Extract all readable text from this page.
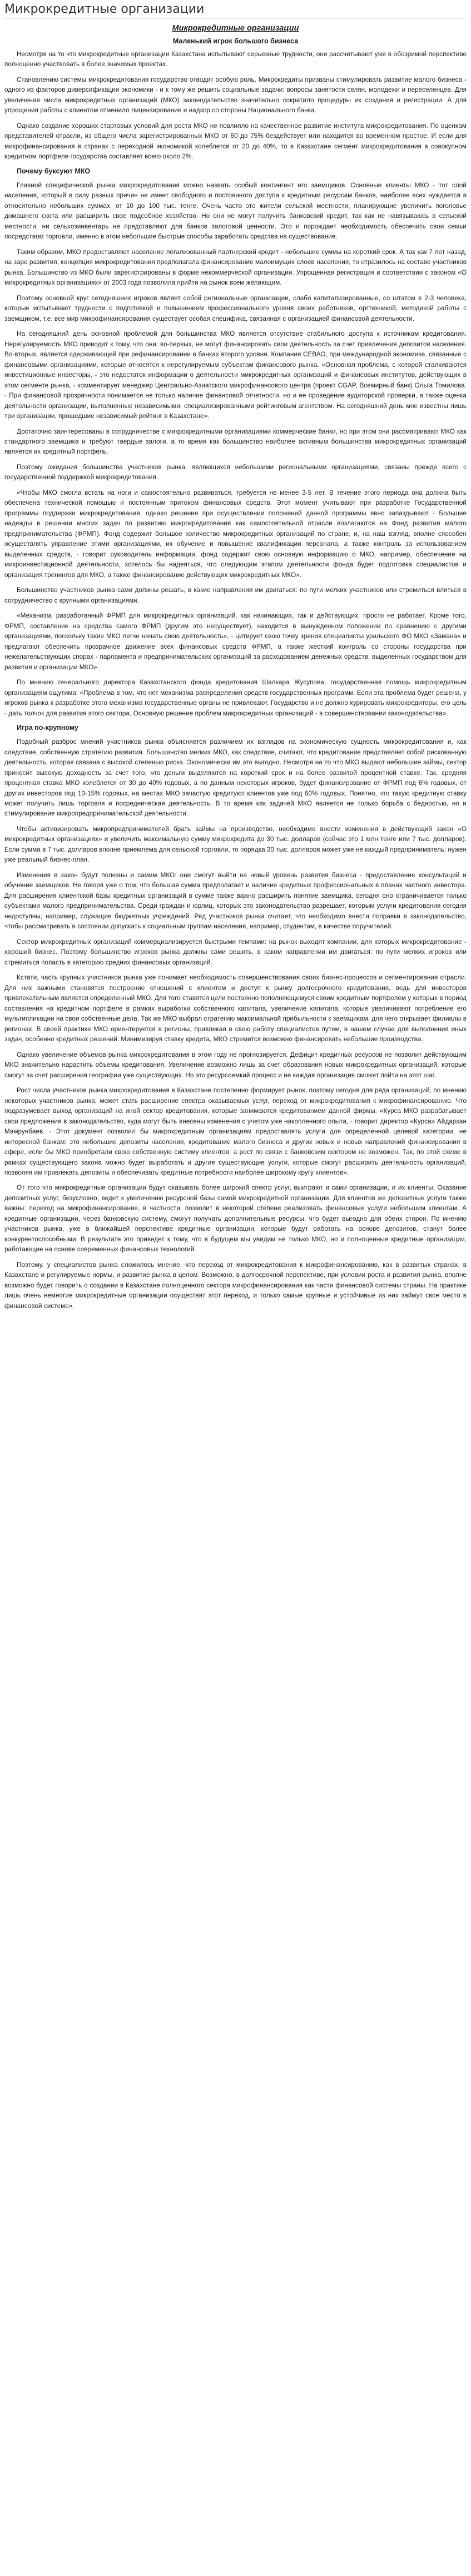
Микрокредитные организации
Микрокредитные организации
Маленький игрок большого бизнеса

Несмотря на то что микрокредитные организации Казахстана испытывают серьезные трудности, они рассчитывают уже в обозримой перспективе полноценно участвовать в более значимых проектах.

Становлению системы микрокредитования государство отводит особую роль. Микрокредиты призваны стимулировать развитие малого бизнеса - одного из факторов диверсификации экономики - и к тому же решить социальные задачи: вопросы занятости селян, молодежи и переселенцев. Для увеличения числа микрокредитных организаций (МКО) законодательство значительно сократило процедуры их создания и регистрации. А для упрощения работы с клиентом отменило лицензирование и надзор со стороны Национального банка.

Однако создание хороших стартовых условий для роста МКО не повлияло на качественное развитие института микрокредитования. По оценкам представителей отрасли, из общего числа зарегистрированных МКО от 60 до 75% бездействует или находится во временном простое. И если для микрофинансирования в странах с переходной экономикой колеблется от 20 до 40%, то в Казахстане сегмент микрокредитования в совокупном кредитном портфеле государства составляет всего около 2%.

Почему буксуют МКО

Главной специфической рынка микрокредитования можно назвать особый контингент его заемщиков. Основные клиенты МКО - тот слой населения, который в силу разных причин не имеет свободного и постоянного доступа к кредитным ресурсам банков, наиболее всех нуждается в относительно небольших суммах, от 10 до 100 тыс. тенге. Очень часто это жители сельской местности, планирующие увеличить поголовье домашнего скота или расширить свое подсобное хозяйство. Но они не могут получить банковский кредит, так как не навязываюсь в сельской местности, ни сельхозинвентарь не представляют для банков залоговой ценности. Это и порождает необходимость обеспечить свои семьи посредством торговли, именно в этом небольшие быстрые способы заработать средства на существование.

Таким образом, МКО предоставляют население легализованный партнерский кредит - небольшие суммы на короткий срок. А так как 7 лет назад, на заре развития, концепция микрокредитования предполагала финансирование малоимущих слоев населения, то отразилось на составе участников рынка. Большинство из МКО были зарегистрированы в форме некоммерческой организации. Упрощенная регистрация в соответствии с законом «О микрокредитных организациях» от 2003 года позволила прийти на рынок всем желающим.

Поэтому основной круг сегодняшних игроков являет собой региональные организации, слабо капитализированные, со штатом в 2-3 человека, которые испытывают трудности с подготовкой и повышением профессионального уровня своих работников, оргтехникой, методикой работы с заемщиком, т.е. все мир микрофинансирования существует особая специфика, связанная с организацией финансовой деятельности.

На сегодняшний день основной проблемой для большинства МКО является отсутствие стабильного доступа к источникам кредитования. Нерегулируемость МКО приводит к тому, что они, во-первых, не могут финансировать свои деятельность за счет привлечения депозитов населения. Во-вторых, является сдерживающей при рефинансировании в банках второго уровня. Компания СЕВАО, при международной экономике, связанные с финансовыми организациями, которые относятся к нерегулируемым субъектам финансового рынка. «Основная проблема, с которой сталкиваются инвестиционные инвесторы, - это недостаток информации о деятельности микрокредитных организаций и финансовых институтов, действующих в этом сегменте рынка, - комментирует менеджер Центрально-Азиатского микрофинансового центра (проект CGAP, Всемирный банк) Ольга Томилова. - При финансовой прозрачности понимается не только наличие финансовой отчетности, но и ее проведение аудиторской проверки, а также оценка деятельности организации, выполненные независимыми, специализированными рейтинговым агентством. На сегодняшний день мне известны лишь три организации, прошедшие независимый рейтинг в Казахстане».

Достаточно заинтересованы в сотрудничестве с микрокредитными организациями коммерческие банки, но при этом они рассматривают МКО как стандартного заемщика и требуют твердые залоги, а то время как большинство наиболее активным большинства микрокредитных организаций является их кредитный портфель.

Поэтому ожидания большинства участников рынка, являющихся небольшими региональными организациями, связаны прежде всего с государственной поддержкой микрокредитования.

«Чтобы МКО смогла встать на ноги и самостоятельно развиваться, требуется не менее 3-5 лет. В течение этого периода она должна быть обеспечена технической помощью и постоянным притоком финансовых средств. Этот момент учитывают при разработке Государственной программы поддержки микрокредитования, однако решение при осуществлении положений данной программы явно запаздывают - Большие надежды в решении многих задач по развитию микрокредитования как самостоятельной отрасли возлагаются на Фонд развития малого предпринимательства (ФРМП). Фонд содержит большое количество микрокредитных организаций по стране, и, на наш взгляд, вполне способен осуществлять управление этими организациями, их обучение и повышение квалификации персонала, а также контроль за использованием выделенных средств, - говорит руководитель информации, фонд содержит свою основную информацию о МКО, например, обеспечение на микроинвестиционной деятельности, хотелось бы надеяться, что следующим этапом деятельности фонда будет подготовка специалистов и организация тренингов для МКО, а также финансирование действующих микрокредитных МКО».

Большинство участников рынка сами должны решать, в какие направления им двигаться: по пути мелких участников или стремиться влиться в сотрудничество с крупными организациями.

«Механизм, разработанный ФРМП для микрокредитных организаций, как начинающих, так и действующих, просто не работает. Кроме того, ФРМП, составление на средства самого ФРМП (другим это несуществует), находится в вынужденном положении по сравнению с другими организациями, поскольку такие МКО легче начать свою деятельность», - цитирует свою точку зрения специалисты уральского ФО МКО «Замана» и предлагают обеспечить прозрачное движение всех финансовых средств ФРМП, а также жесткий контроль со стороны государства при нежелательствующих спорах - парламента и предпринимательских организаций за расходованием денежных средств, выделенных государством для развития и организации МКО».

По мнению генерального директора Казахстанского фонда кредитования Шалкара Жусупова, государственная помощь микрокредитным организациям ощутима: «Проблема в том, что нет механизма распределения средств государственных программ. Если эта проблема будет решена, у игроков рынка к разработке этого механизма государственные органы не привлекают. Государство и не должно курировать микрокредиторы, его цель - дать толчок для развития этого сектора. Основную решение проблем микрокредитных организаций - в совершенствовании законодательства».

Игра по-крупному

Подобный разброс мнений участников рынка объясняется различием их взглядов на экономическую сущность микрокредитования и, как следствие, собственную стратегию развития. Большинство мелких МКО, как следствие, считают, что кредитование представляет собой рискованную деятельность, которая связана с высокой степенью риска. Экономически им это выгодно. Несмотря на то что МКО выдают небольшие займы, сектор приносит высокую доходность за счет того, что деньги выделяются на короткий срок и на более развитой процентной ставке. Так, средняя процентная ставка МКО колеблется от 30 до 40% годовых, а по данным некоторых игроков, будет финансирование от ФРМП под 6% годовых, от других инвесторов под 10-15% годовых, на местах МКО зачастую кредитуют клиентов уже под 60% годовых. Понятно, что такую кредитную ставку может получить лишь торговля и посредническая деятельность. В то время как задачей МКО является не только борьба с бедностью, но и стимулирование микропредпринимательской деятельности.

Чтобы активизировать микропредпринимателей брать займы на производство, необходимо внести изменения в действующий закон «О микрокредитных организациях» и увеличить максимальную сумму микрокредита до 30 тыс. долларов (сейчас это 1 млн тенге или 7 тыс. долларов). Если сумма в 7 тыс. долларов вполне приемлема для сельской торговли, то порядка 30 тыс. долларов может уже не каждый предприниматель: нужен уже реальный бизнес-план.

Изменения в закон будут полезны и самим МКО: они смогут выйти на новый уровень развития бизнеса - предоставление консультаций и обучение заемщиков. Не говоря уже о том, что большая сумма предполагает и наличие кредитных профессиональных в планах частного инвестора. Для расширения клиентской базы кредитных организаций в сумме также важно расширить понятие заемщика, сегодня оно ограничивается только субъектами малого предпринимательства. Среди граждан и юрлиц, которых это законодательство разрешает, которым услуги кредитования сегодня недоступны, например, служащие бюджетных учреждений. Ряд участников рынка считает, что необходимо внести поправки в законодательство, чтобы рассматривать в состоянии допускать к социальным группам населения, например, студентам, в качестве поручителей.

Сектор микрокредитных организаций коммерциализируется быстрыми темпами: на рынок выходят компании, для которых микрокредитование - хороший бизнес. Поэтому большинство игроков рынка должны сами решить, в каком направлении им двигаться: по пути мелких игроков или стремиться попасть в категорию средних финансовых организаций.

Кстати, часть крупных участников рынка уже понимает необходимость совершенствования своих бизнес-процессов и сегментирования отрасли. Для них важными становятся построение отношений с клиентом и доступ к рынку долгосрочного кредитования, ведь для инвесторов привлекательным является определенный МКО. Для того ставятся цели постоянно пополняющемуся своим кредитным портфелем у которых в период составления на кредитном портфеле в рамках выработки собственного капитала, увеличение капитала, которые увеличивают потребление его мультипликации на свои собственные дела. Так же МКО выбрал стратегию максимальной прибыльности к заемщикам, для чего открывает филиалы в регионах. В своей практике МКО ориентируется в регионы, привлекая в свою работу специалистов путем, в нашем случае для выполнения иных задач, особенно кредитных решений. Минимизируя ставку кредита, МКО стремится возможно финансировать небольшие производства.

Однако увеличение объемов рынка микрокредитования в этом году не прогнозируется. Дефицит кредитных ресурсов не позволит действующим МКО значительно нарастить объемы кредитования. Увеличение возможно лишь за счет образования новых микрокредитных организаций, которые смогут за счет расширения географии уже существующих. Но это ресурсоемкий процесс и не каждая организация сможет пойти на этот шаг.

Рост числа участников рынка микрокредитования в Казахстане постепенно формирует рынок, поэтому сегодня для ряда организаций, по мнению некоторых участников рынка, может стать расширение спектра оказываемых услуг, переход от микрокредитования к микрофинансированию. Что подразумевает выход организаций на иной сектор кредитования, которые занимаются кредитованием данной фирмы. «Курса МКО разрабатывает свои предложения в законодательство, куда могут быть внесены изменения с учетом уже накопленного опыта, - говорит директор «Курса» Айдархан Мамрунбаев. - Этот документ позволил бы микрокредитным организациям предоставлять услуги для определенной целевой категории, не интересной банкам: это небольшие депозиты населения, кредитование малого бизнеса и других новых и новых направлений финансирования в сфере, если бы МКО приобретали свою собственную систему клиентов, а рост по связи с банковским сектором не возможен. Так, по этой схеме в рамках существующего закона можно будет выработать и другие существующие услуги, которые смогут расширить деятельность организаций, позволяя им привлекать депозиты и обеспечивать кредитные потребности наиболее широкому кругу клиентов».

От того что микрокредитные организации будут оказывать более широкий спектр услуг, выиграют и сами организации, и их клиенты. Оказание депозитных услуг, безусловно, ведет к увеличению ресурсной базы самой микрокредитной организации. Для клиентов же депозитные услуги также важны: переход на микрофинансирование, в частности, позволит в некоторой степени реализовать финансовые услуги небольшим клиентам. А кредитные организации, через банковскую систему, смогут получать дополнительные ресурсы, что будет выгодно для обеих сторон. По мнению участников рынка, уже в ближайшей перспективе кредитные организации, которые будут работать на основе депозитов, станут более конкурентоспособными. В результате это приведет к тому, что в будущем мы увидим не только МКО, но и полноценные кредитные организации, работающие на основе современных финансовых технологий.

Поэтому, у специалистов рынка сложилось мнение, что переход от микрокредитования к микрофинансированию, как в развитых странах, в Казахстане и регулируемые нормы, и развитие рынка в целом. Возможно, в долгосрочной перспективе, при условии роста и развития рынка, вполне возможно будет говорить о создании в Казахстане полноценного сектора микрофинансирования как части финансовой системы страны. На практике лишь очень немногие микрокредитные организации осуществят этот переход, и только самые крупные и устойчивые из них займут свое место в финансовой системе».
